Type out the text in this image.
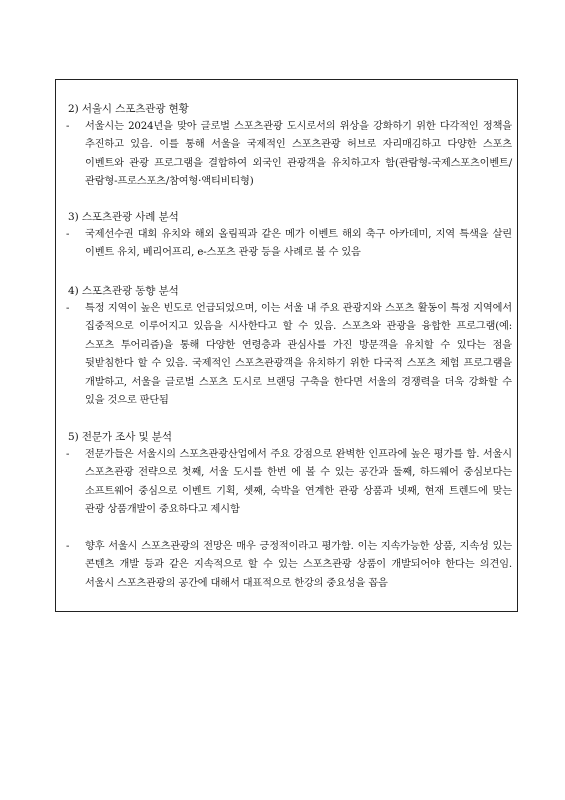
2) 서울시 스포츠관광 현황
-	서울시는 2024년을 맞아 글로벌 스포츠관광 도시로서의 위상을 강화하기 위한 다각적인 정책을 추진하고 있음. 이를 통해 서울을 국제적인 스포츠관광 허브로 자리매김하고 다양한 스포츠 이벤트와 관광 프로그램을 결합하여 외국인 관광객을 유치하고자 함(관람형-국제스포츠이벤트/관람형-프로스포츠/참여형·액티비티형)
3) 스포츠관광 사례 분석
-	국제선수권 대회 유치와 해외 올림픽과 같은 메가 이벤트 해외 축구 아카데미, 지역 특색을 살린 이벤트 유치, 베리어프리, e-스포츠 관광 등을 사례로 볼 수 있음
4) 스포츠관광 동향 분석
-	특정 지역이 높은 빈도로 언급되었으며, 이는 서울 내 주요 관광지와 스포츠 활동이 특정 지역에서 집중적으로 이루어지고 있음을 시사한다고 할 수 있음. 스포츠와 관광을 융합한 프로그램(예: 스포츠 투어리즘)을 통해 다양한 연령층과 관심사를 가진 방문객을 유치할 수 있다는 점을 뒷받침한다 할 수 있음. 국제적인 스포츠관광객을 유치하기 위한 다국적 스포츠 체험 프로그램을 개발하고, 서울을 글로벌 스포츠 도시로 브랜딩 구축을 한다면 서울의 경쟁력을 더욱 강화할 수 있을 것으로 판단됨
5) 전문가 조사 및 분석
-	전문가들은 서울시의 스포츠관광산업에서 주요 강점으로 완벽한 인프라에 높은 평가를 함. 서울시 스포츠관광 전략으로 첫째, 서울 도시를 한번 에 볼 수 있는 공간과 둘째, 하드웨어 중심보다는 소프트웨어 중심으로 이벤트 기획, 셋째, 숙박을 연계한 관광 상품과 넷째, 현재 트렌드에 맞는 관광 상품개발이 중요하다고 제시함
-	향후 서울시 스포츠관광의 전망은 매우 긍정적이라고 평가함. 이는 지속가능한 상품, 지속성 있는 콘텐츠 개발 등과 같은 지속적으로 할 수 있는 스포츠관광 상품이 개발되어야 한다는 의견임. 서울시 스포츠관광의 공간에 대해서 대표적으로 한강의 중요성을 꼽음
